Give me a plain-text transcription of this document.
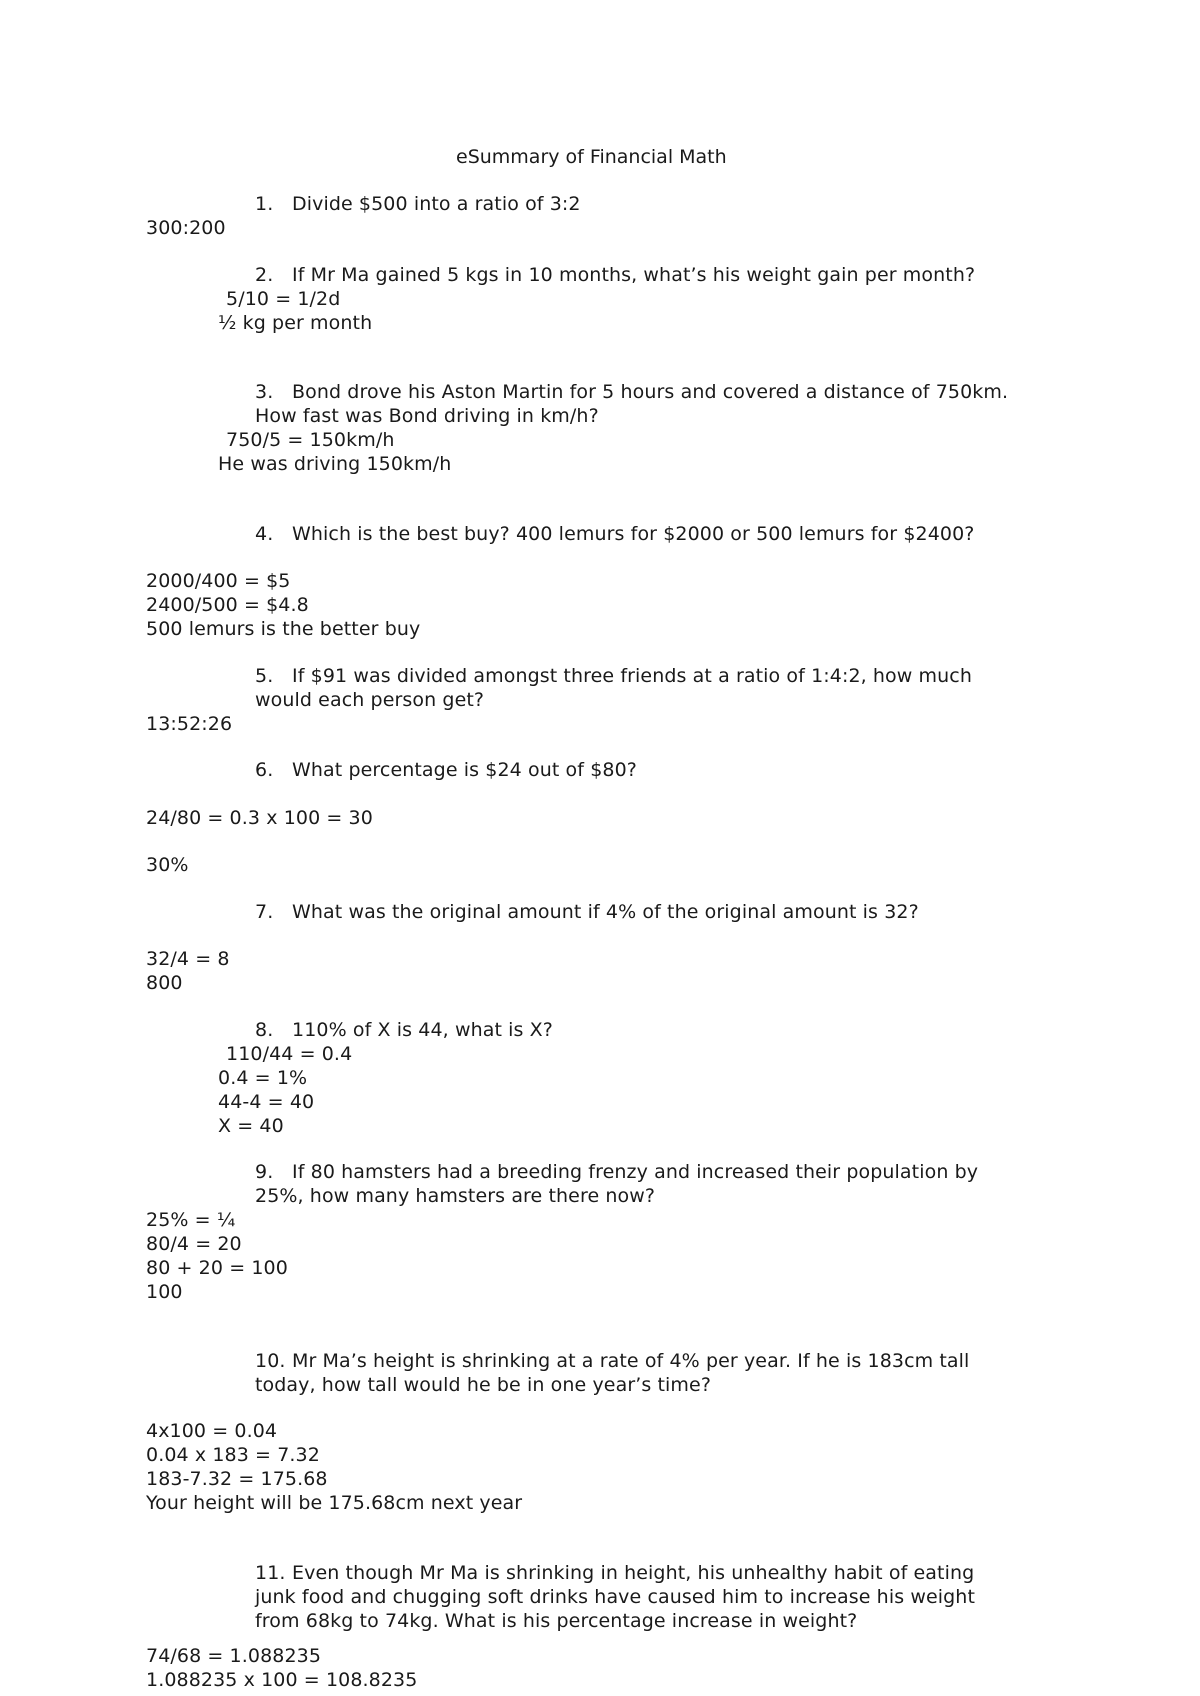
eSummary of Financial Math
1. Divide $500 into a ratio of 3:2
300:200
2. If Mr Ma gained 5 kgs in 10 months, what’s his weight gain per month?
5/10 = 1/2d
½ kg per month
3. Bond drove his Aston Martin for 5 hours and covered a distance of 750km.
How fast was Bond driving in km/h?
750/5 = 150km/h
He was driving 150km/h
4. Which is the best buy? 400 lemurs for $2000 or 500 lemurs for $2400?
2000/400 = $5
2400/500 = $4.8
500 lemurs is the better buy
5. If $91 was divided amongst three friends at a ratio of 1:4:2, how much
would each person get?
13:52:26
6. What percentage is $24 out of $80?
24/80 = 0.3 x 100 = 30
30%
7. What was the original amount if 4% of the original amount is 32?
32/4 = 8
800
8. 110% of X is 44, what is X?
110/44 = 0.4
0.4 = 1%
44-4 = 40
X = 40
9. If 80 hamsters had a breeding frenzy and increased their population by
25%, how many hamsters are there now?
25% = ¼
80/4 = 20
80 + 20 = 100
100
10. Mr Ma’s height is shrinking at a rate of 4% per year. If he is 183cm tall
today, how tall would he be in one year’s time?
4x100 = 0.04
0.04 x 183 = 7.32
183-7.32 = 175.68
Your height will be 175.68cm next year
11. Even though Mr Ma is shrinking in height, his unhealthy habit of eating
junk food and chugging soft drinks have caused him to increase his weight
from 68kg to 74kg. What is his percentage increase in weight?
74/68 = 1.088235
1.088235 x 100 = 108.8235
